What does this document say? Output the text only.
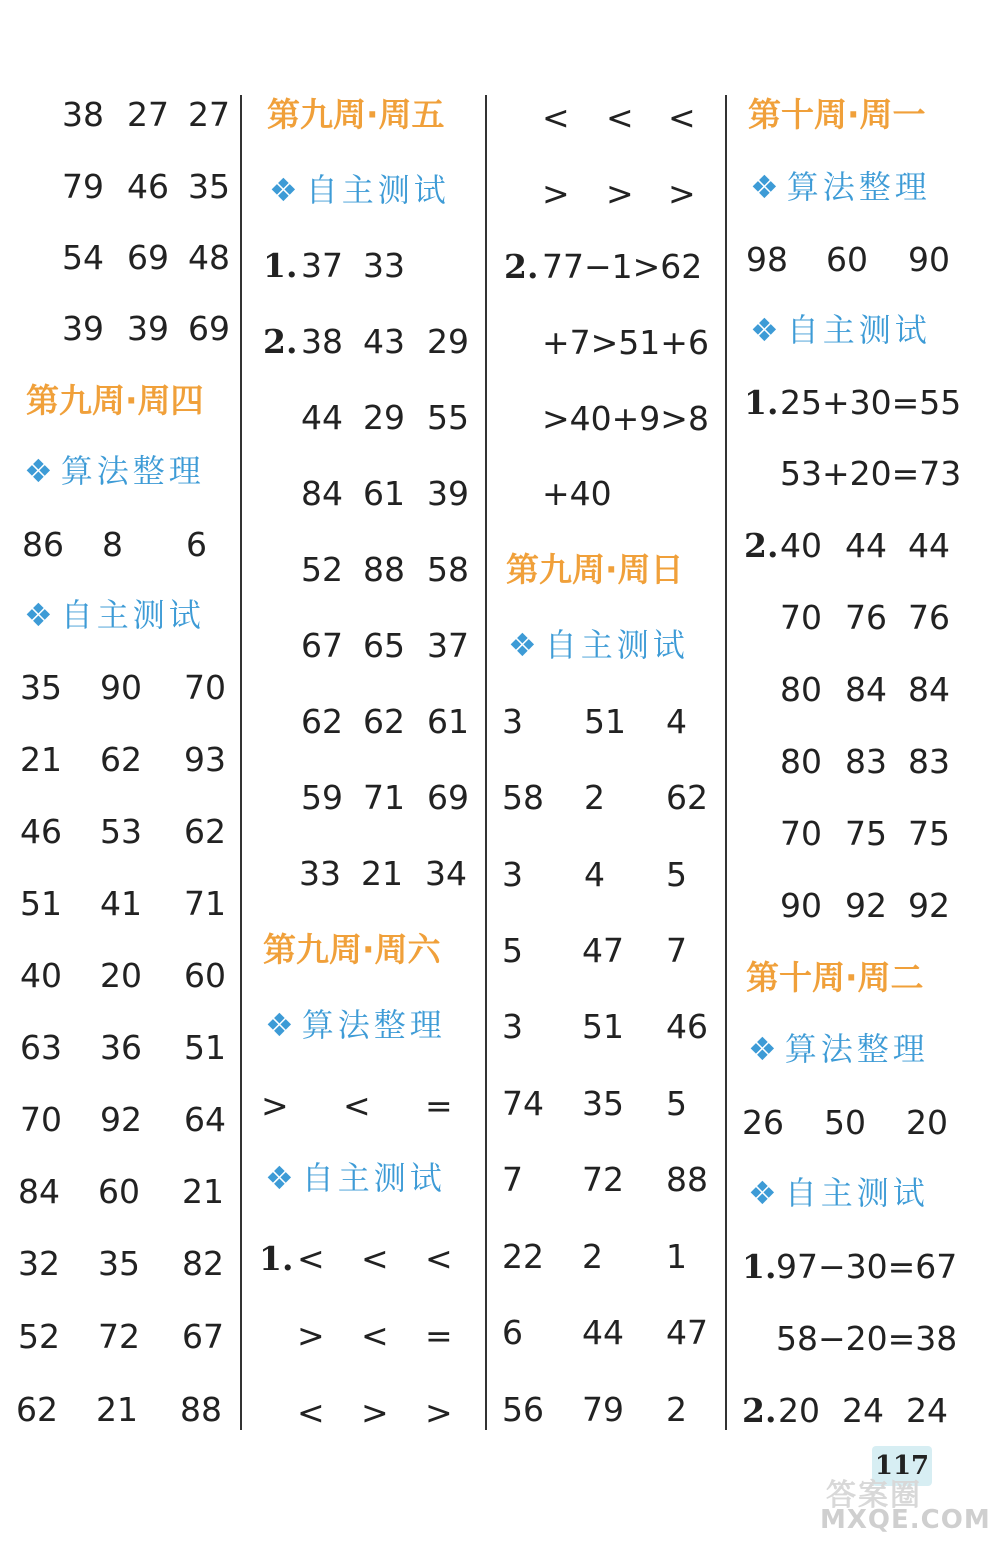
38 27 27
79 46 35
54 69 48
39 39 69
第九周·周四
❖ 算法整理
86 8 6
❖ 自主测试
35 90 70
21 62 93
46 53 62
51 41 71
40 20 60
63 36 51
70 92 64
84 60 21
32 35 82
52 72 67
62 21 88
第九周·周五
❖ 自主测试
1. 37 33
2. 38 43 29
44 29 55
84 61 39
52 88 58
67 65 37
62 62 61
59 71 69
33 21 34
第九周·周六
❖ 算法整理
> < =
❖ 自主测试
1. < < <
> < =
< > >
< < <
> > >
2. 77−1>62
+7>51+6
>40+9>8
+40
第九周·周日
❖ 自主测试
3 51 4
58 2 62
3 4 5
5 47 7
3 51 46
74 35 5
7 72 88
22 2 1
6 44 47
56 79 2
第十周·周一
❖ 算法整理
98 60 90
❖ 自主测试
1. 25+30=55
53+20=73
2. 40 44 44
70 76 76
80 84 84
80 83 83
70 75 75
90 92 92
第十周·周二
❖ 算法整理
26 50 20
❖ 自主测试
1. 97−30=67
58−20=38
2. 20 24 24
117
答案圈
MXQE.COM
